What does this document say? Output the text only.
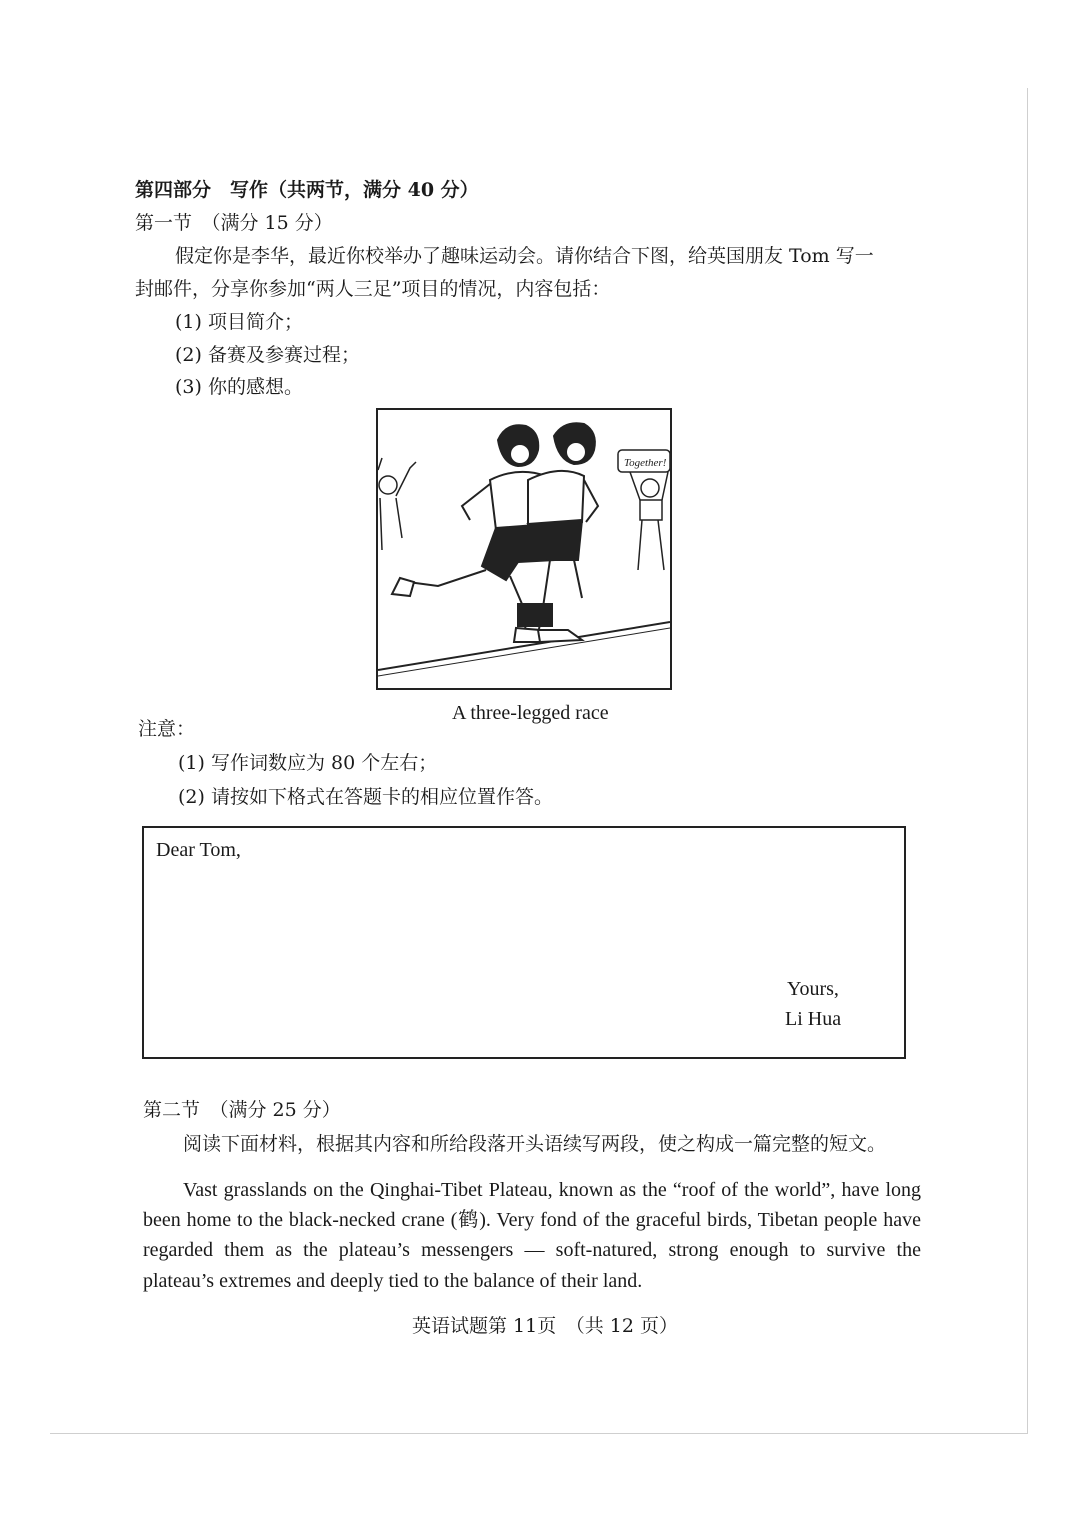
第四部分　写作（共两节，满分 40 分）
第一节　（满分 15 分）
假定你是李华，最近你校举办了趣味运动会。请你结合下图，给英国朋友 Tom 写一
封邮件，分享你参加“两人三足”项目的情况，内容包括：
(1) 项目简介；
(2) 备赛及参赛过程；
(3) 你的感想。
Together!
A three-legged race
注意：
(1) 写作词数应为 80 个左右；
(2) 请按如下格式在答题卡的相应位置作答。
Dear Tom,
Yours,
Li Hua
第二节　（满分 25 分）
阅读下面材料，根据其内容和所给段落开头语续写两段，使之构成一篇完整的短文。
Vast grasslands on the Qinghai-Tibet Plateau, known as the “roof of the world”, have long
been home to the black-necked crane (鹤). Very fond of the graceful birds, Tibetan people have
regarded them as the plateau’s messengers — soft-natured, strong enough to survive the
plateau’s extremes and deeply tied to the balance of their land.
英语试题第 11页　（共 12 页）
